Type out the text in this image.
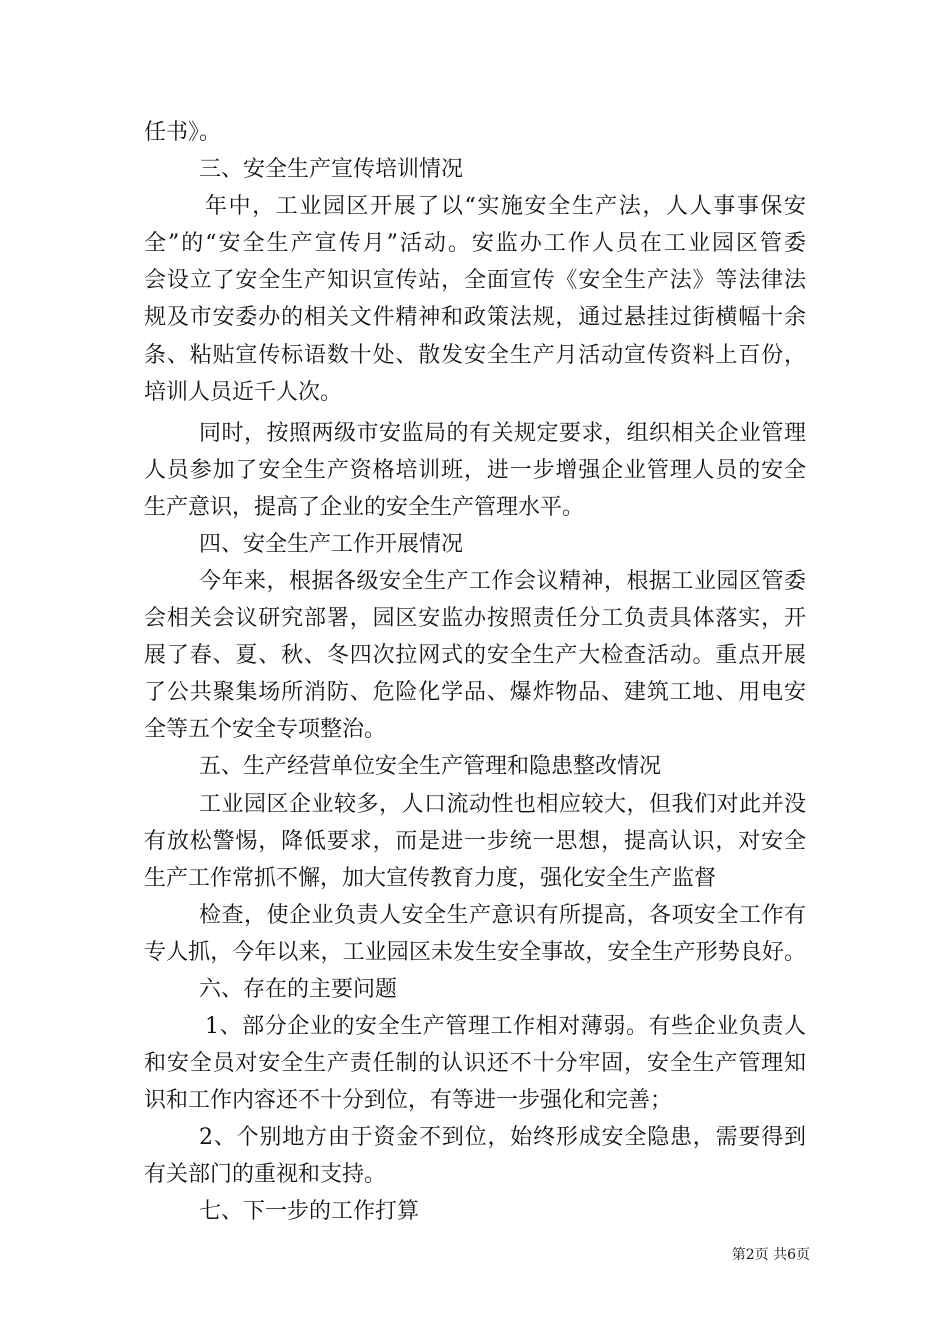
任书》。
三、安全生产宣传培训情况
年中，工业园区开展了以“实施安全生产法，人人事事保安
全”的“安全生产宣传月”活动。安监办工作人员在工业园区管委
会设立了安全生产知识宣传站，全面宣传《安全生产法》等法律法
规及市安委办的相关文件精神和政策法规，通过悬挂过街横幅十余
条、粘贴宣传标语数十处、散发安全生产月活动宣传资料上百份，
培训人员近千人次。
同时，按照两级市安监局的有关规定要求，组织相关企业管理
人员参加了安全生产资格培训班，进一步增强企业管理人员的安全
生产意识，提高了企业的安全生产管理水平。
四、安全生产工作开展情况
今年来，根据各级安全生产工作会议精神，根据工业园区管委
会相关会议研究部署，园区安监办按照责任分工负责具体落实，开
展了春、夏、秋、冬四次拉网式的安全生产大检查活动。重点开展
了公共聚集场所消防、危险化学品、爆炸物品、建筑工地、用电安
全等五个安全专项整治。
五、生产经营单位安全生产管理和隐患整改情况
工业园区企业较多，人口流动性也相应较大，但我们对此并没
有放松警惕，降低要求，而是进一步统一思想，提高认识，对安全
生产工作常抓不懈，加大宣传教育力度，强化安全生产监督
检查，使企业负责人安全生产意识有所提高，各项安全工作有
专人抓，今年以来，工业园区未发生安全事故，安全生产形势良好。
六、存在的主要问题
1、部分企业的安全生产管理工作相对薄弱。有些企业负责人
和安全员对安全生产责任制的认识还不十分牢固，安全生产管理知
识和工作内容还不十分到位，有等进一步强化和完善；
2、个别地方由于资金不到位，始终形成安全隐患，需要得到
有关部门的重视和支持。
七、下一步的工作打算
第2页 共6页
